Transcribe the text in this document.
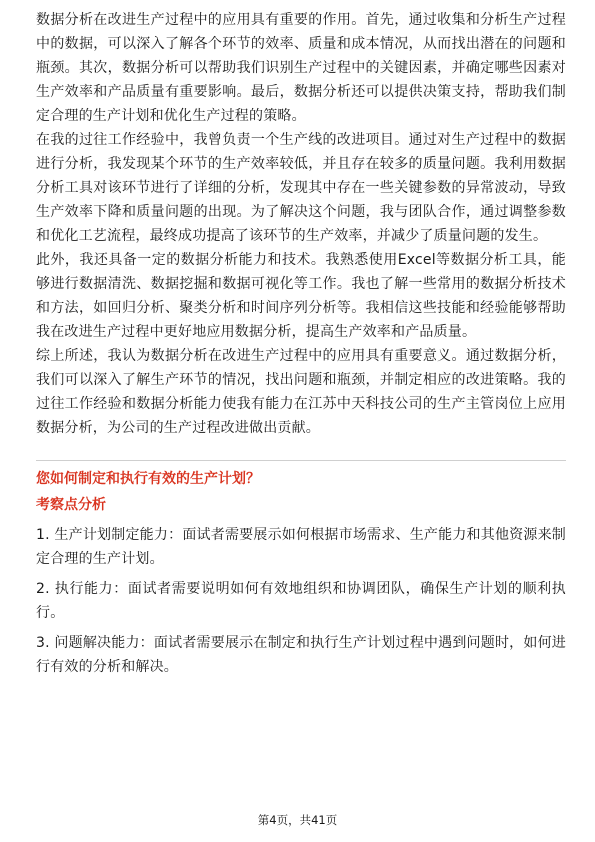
数据分析在改进生产过程中的应用具有重要的作用。首先，通过收集和分析生产过程中的数据，可以深入了解各个环节的效率、质量和成本情况，从而找出潜在的问题和瓶颈。其次，数据分析可以帮助我们识别生产过程中的关键因素，并确定哪些因素对生产效率和产品质量有重要影响。最后，数据分析还可以提供决策支持，帮助我们制定合理的生产计划和优化生产过程的策略。

在我的过往工作经验中，我曾负责一个生产线的改进项目。通过对生产过程中的数据进行分析，我发现某个环节的生产效率较低，并且存在较多的质量问题。我利用数据分析工具对该环节进行了详细的分析，发现其中存在一些关键参数的异常波动，导致生产效率下降和质量问题的出现。为了解决这个问题，我与团队合作，通过调整参数和优化工艺流程，最终成功提高了该环节的生产效率，并减少了质量问题的发生。

此外，我还具备一定的数据分析能力和技术。我熟悉使用Excel等数据分析工具，能够进行数据清洗、数据挖掘和数据可视化等工作。我也了解一些常用的数据分析技术和方法，如回归分析、聚类分析和时间序列分析等。我相信这些技能和经验能够帮助我在改进生产过程中更好地应用数据分析，提高生产效率和产品质量。

综上所述，我认为数据分析在改进生产过程中的应用具有重要意义。通过数据分析，我们可以深入了解生产环节的情况，找出问题和瓶颈，并制定相应的改进策略。我的过往工作经验和数据分析能力使我有能力在江苏中天科技公司的生产主管岗位上应用数据分析，为公司的生产过程改进做出贡献。

您如何制定和执行有效的生产计划？

考察点分析

1. 生产计划制定能力：面试者需要展示如何根据市场需求、生产能力和其他资源来制定合理的生产计划。

2. 执行能力：面试者需要说明如何有效地组织和协调团队，确保生产计划的顺利执行。

3. 问题解决能力：面试者需要展示在制定和执行生产计划过程中遇到问题时，如何进行有效的分析和解决。

第4页，共41页
